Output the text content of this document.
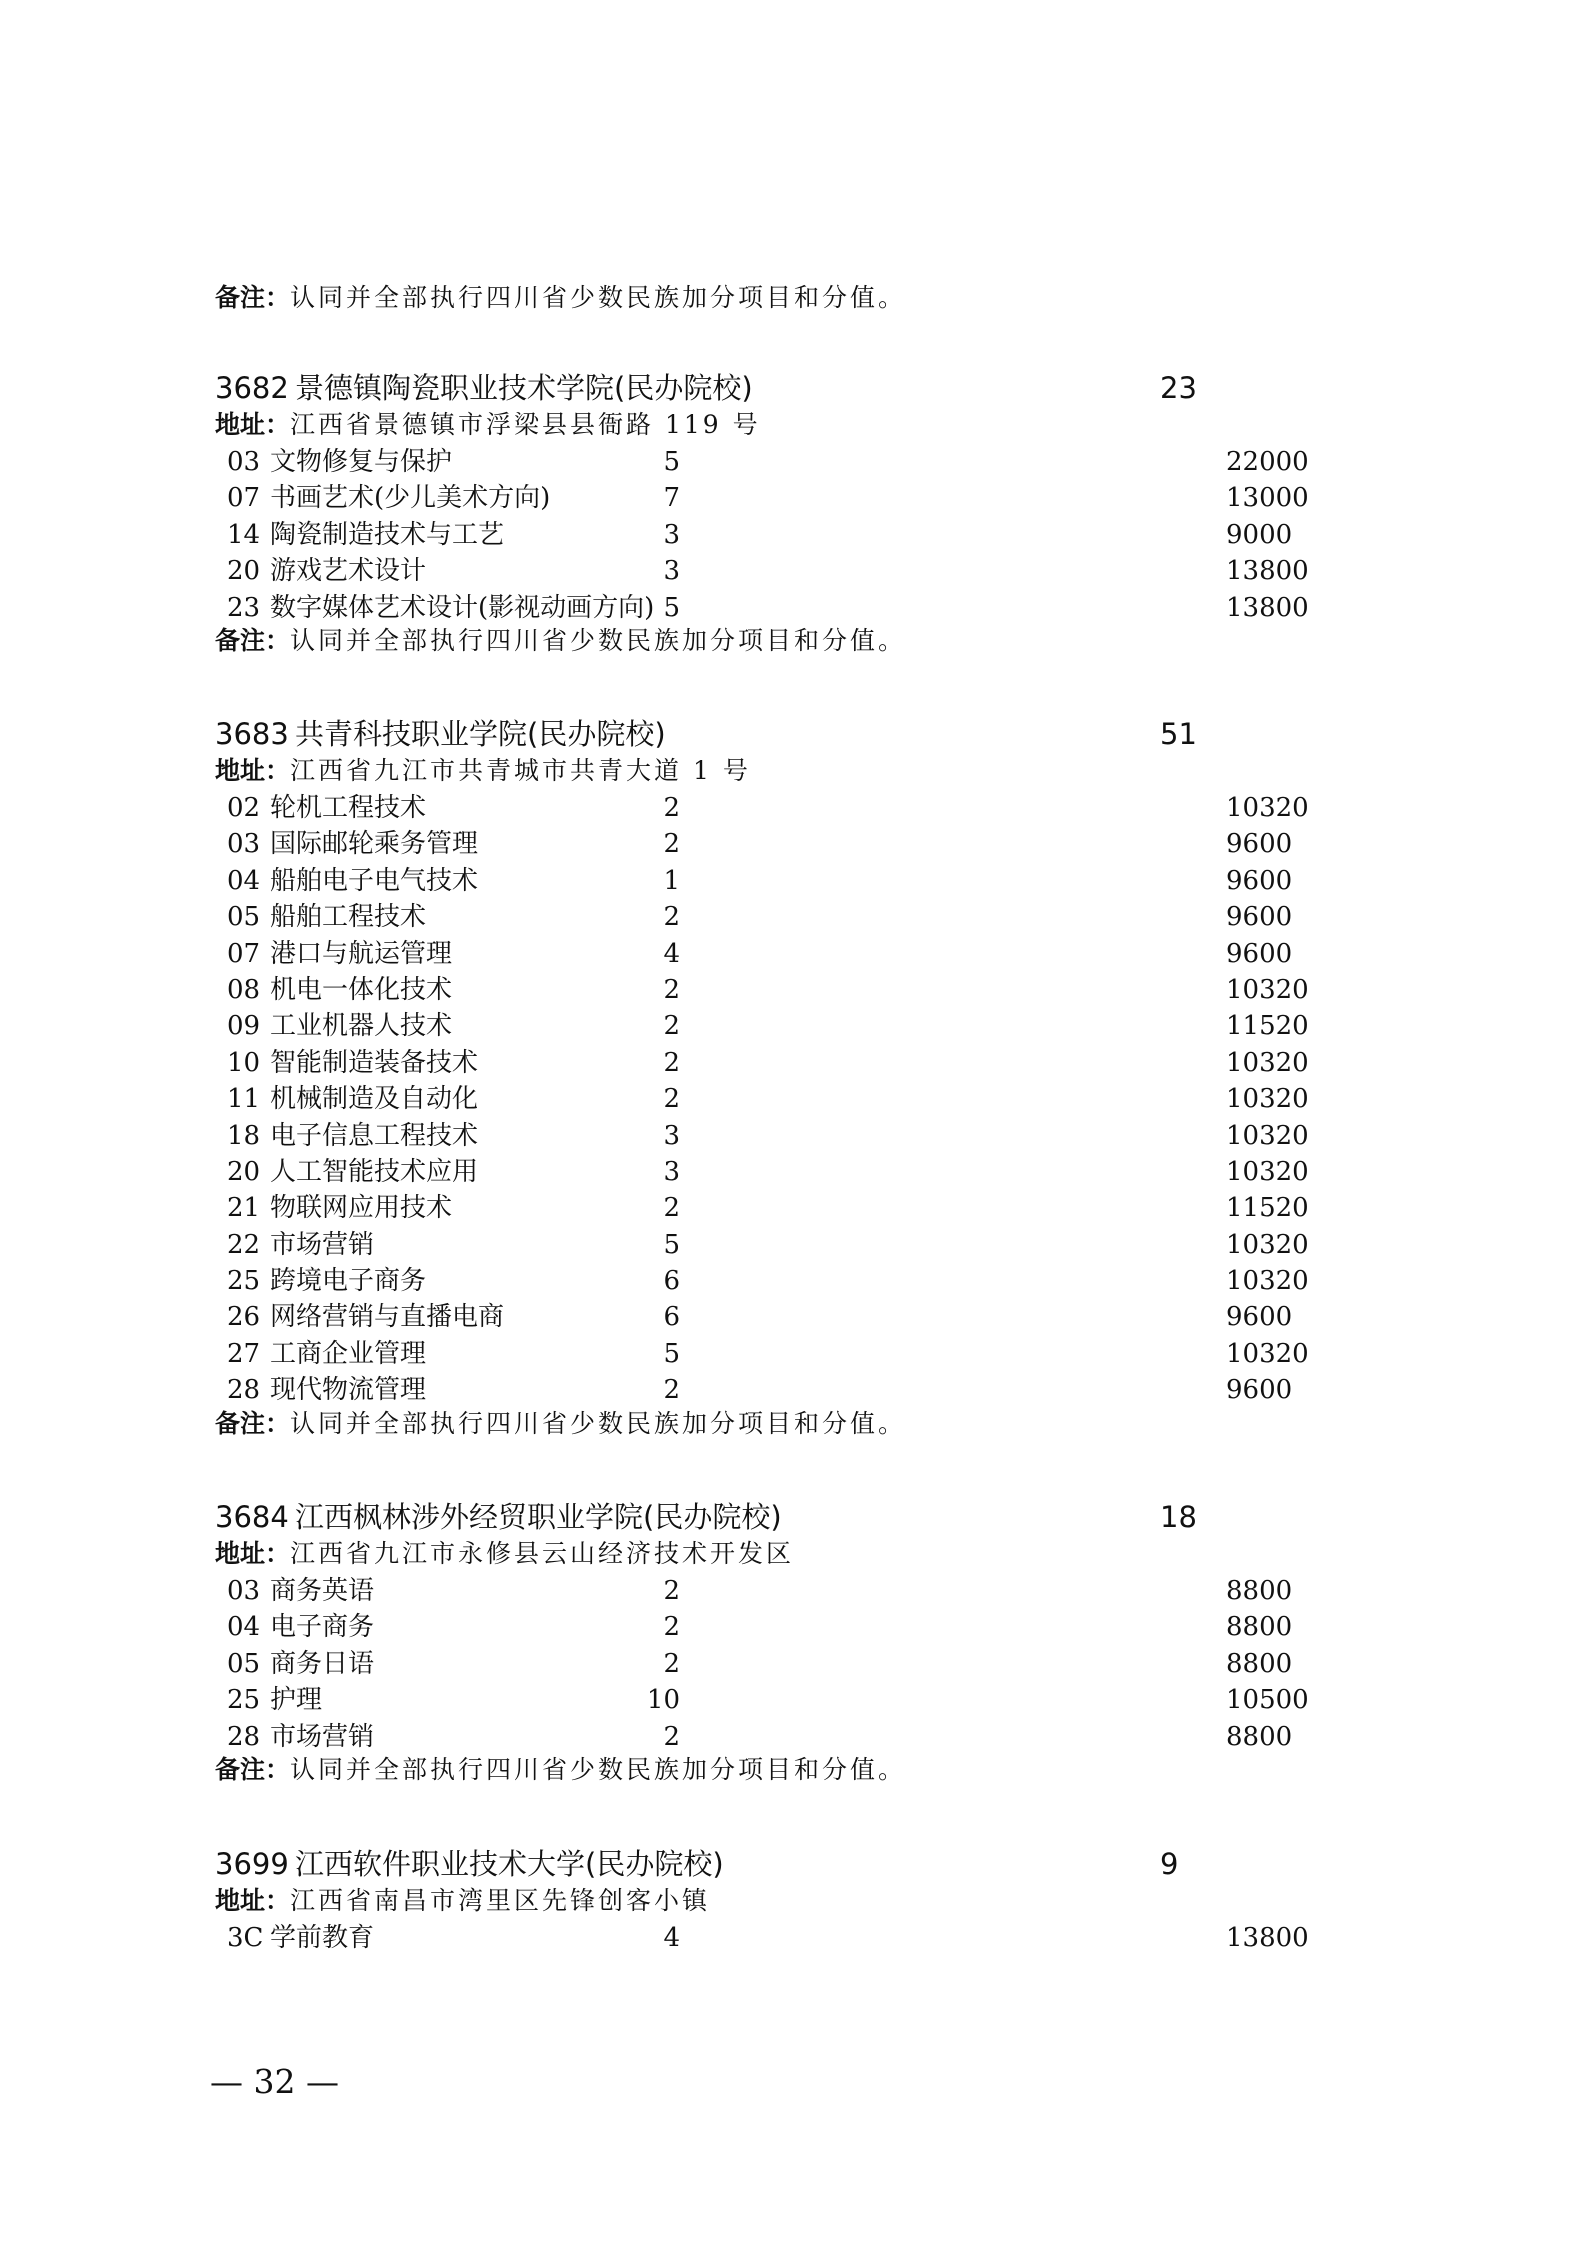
备注：认同并全部执行四川省少数民族加分项目和分值。
3682 景德镇陶瓷职业技术学院(民办院校)	23
地址：江西省景德镇市浮梁县县衙路 119 号
03 文物修复与保护	5	22000
07 书画艺术(少儿美术方向)	7	13000
14 陶瓷制造技术与工艺	3	9000
20 游戏艺术设计	3	13800
23 数字媒体艺术设计(影视动画方向) 5	13800
备注：认同并全部执行四川省少数民族加分项目和分值。
3683 共青科技职业学院(民办院校)	51
地址：江西省九江市共青城市共青大道 1 号
02 轮机工程技术	2	10320
03 国际邮轮乘务管理	2	9600
04 船舶电子电气技术	1	9600
05 船舶工程技术	2	9600
07 港口与航运管理	4	9600
08 机电一体化技术	2	10320
09 工业机器人技术	2	11520
10 智能制造装备技术	2	10320
11 机械制造及自动化	2	10320
18 电子信息工程技术	3	10320
20 人工智能技术应用	3	10320
21 物联网应用技术	2	11520
22 市场营销	5	10320
25 跨境电子商务	6	10320
26 网络营销与直播电商	6	9600
27 工商企业管理	5	10320
28 现代物流管理	2	9600
备注：认同并全部执行四川省少数民族加分项目和分值。
3684 江西枫林涉外经贸职业学院(民办院校)	18
地址：江西省九江市永修县云山经济技术开发区
03 商务英语	2	8800
04 电子商务	2	8800
05 商务日语	2	8800
25 护理	10	10500
28 市场营销	2	8800
备注：认同并全部执行四川省少数民族加分项目和分值。
3699 江西软件职业技术大学(民办院校)	9
地址：江西省南昌市湾里区先锋创客小镇
3C 学前教育	4	13800
— 32 —
